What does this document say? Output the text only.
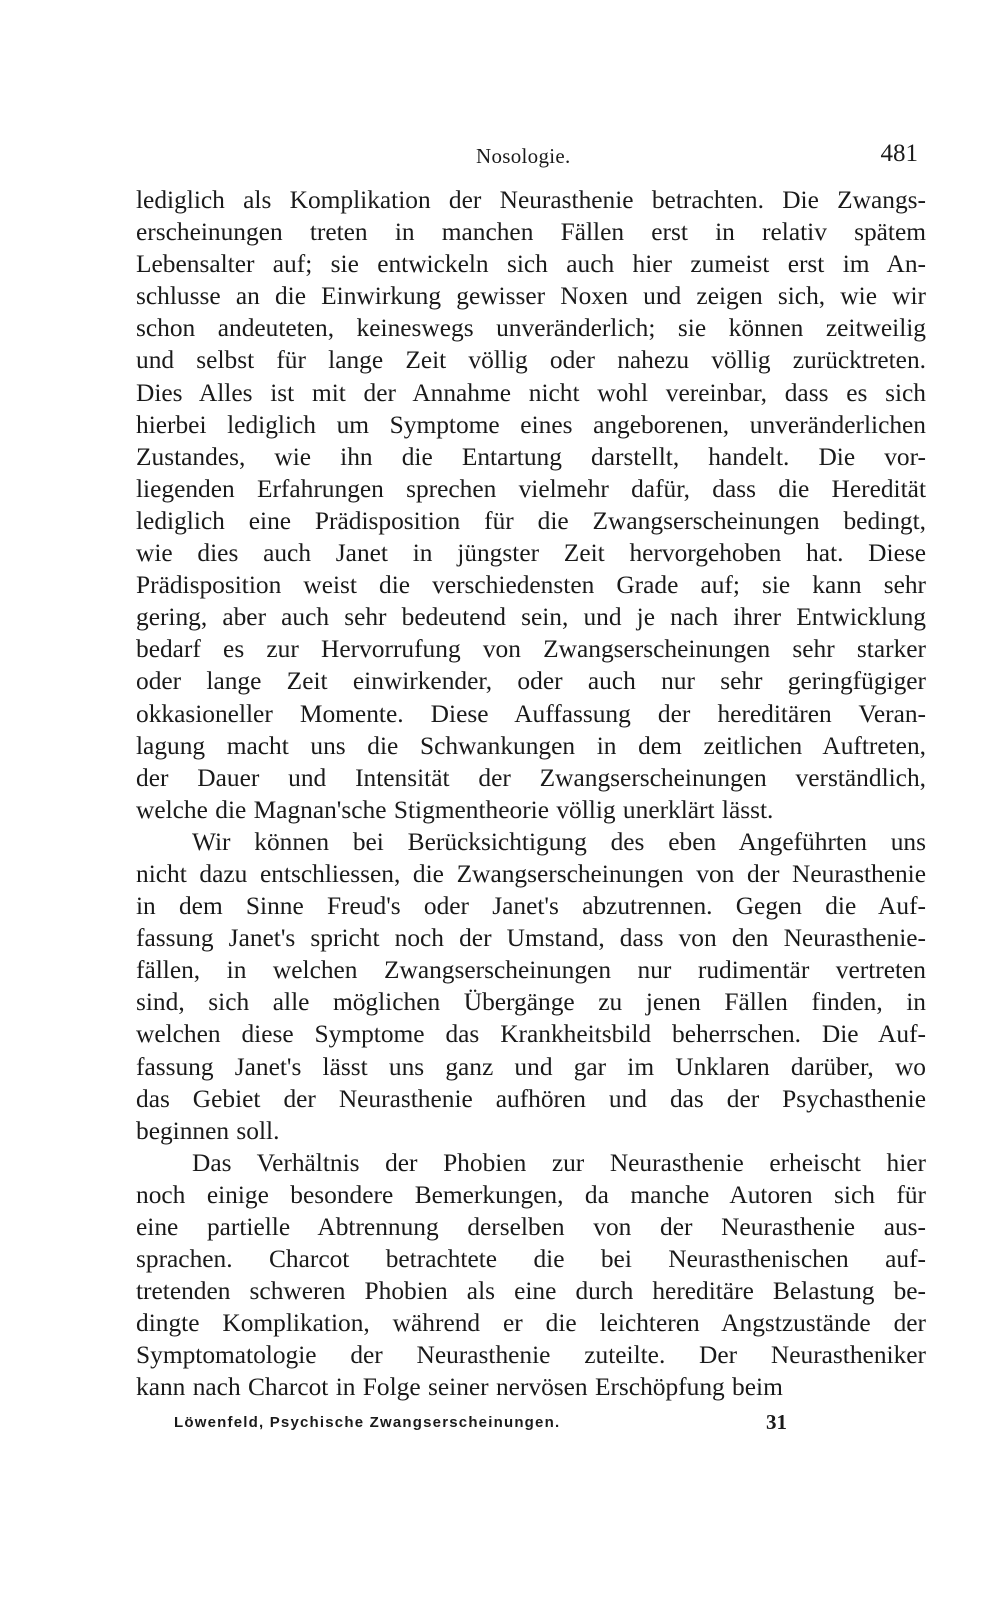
Nosologie.	481
lediglich als Komplikation der Neurasthenie betrachten. Die Zwangs-
erscheinungen treten in manchen Fällen erst in relativ spätem
Lebensalter auf; sie entwickeln sich auch hier zumeist erst im An-
schlusse an die Einwirkung gewisser Noxen und zeigen sich, wie wir
schon andeuteten, keineswegs unveränderlich; sie können zeitweilig
und selbst für lange Zeit völlig oder nahezu völlig zurücktreten.
Dies Alles ist mit der Annahme nicht wohl vereinbar, dass es sich
hierbei lediglich um Symptome eines angeborenen, unveränderlichen
Zustandes, wie ihn die Entartung darstellt, handelt. Die vor-
liegenden Erfahrungen sprechen vielmehr dafür, dass die Heredität
lediglich eine Prädisposition für die Zwangserscheinungen bedingt,
wie dies auch Janet in jüngster Zeit hervorgehoben hat. Diese
Prädisposition weist die verschiedensten Grade auf; sie kann sehr
gering, aber auch sehr bedeutend sein, und je nach ihrer Entwicklung
bedarf es zur Hervorrufung von Zwangserscheinungen sehr starker
oder lange Zeit einwirkender, oder auch nur sehr geringfügiger
okkasioneller Momente. Diese Auffassung der hereditären Veran-
lagung macht uns die Schwankungen in dem zeitlichen Auftreten,
der Dauer und Intensität der Zwangserscheinungen verständlich,
welche die Magnan'sche Stigmentheorie völlig unerklärt lässt.
Wir können bei Berücksichtigung des eben Angeführten uns
nicht dazu entschliessen, die Zwangserscheinungen von der Neurasthenie
in dem Sinne Freud's oder Janet's abzutrennen. Gegen die Auf-
fassung Janet's spricht noch der Umstand, dass von den Neurasthenie-
fällen, in welchen Zwangserscheinungen nur rudimentär vertreten
sind, sich alle möglichen Übergänge zu jenen Fällen finden, in
welchen diese Symptome das Krankheitsbild beherrschen. Die Auf-
fassung Janet's lässt uns ganz und gar im Unklaren darüber, wo
das Gebiet der Neurasthenie aufhören und das der Psychasthenie
beginnen soll.
Das Verhältnis der Phobien zur Neurasthenie erheischt hier
noch einige besondere Bemerkungen, da manche Autoren sich für
eine partielle Abtrennung derselben von der Neurasthenie aus-
sprachen. Charcot betrachtete die bei Neurasthenischen auf-
tretenden schweren Phobien als eine durch hereditäre Belastung be-
dingte Komplikation, während er die leichteren Angstzustände der
Symptomatologie der Neurasthenie zuteilte. Der Neurastheniker
kann nach Charcot in Folge seiner nervösen Erschöpfung beim
Löwenfeld, Psychische Zwangserscheinungen.	31
